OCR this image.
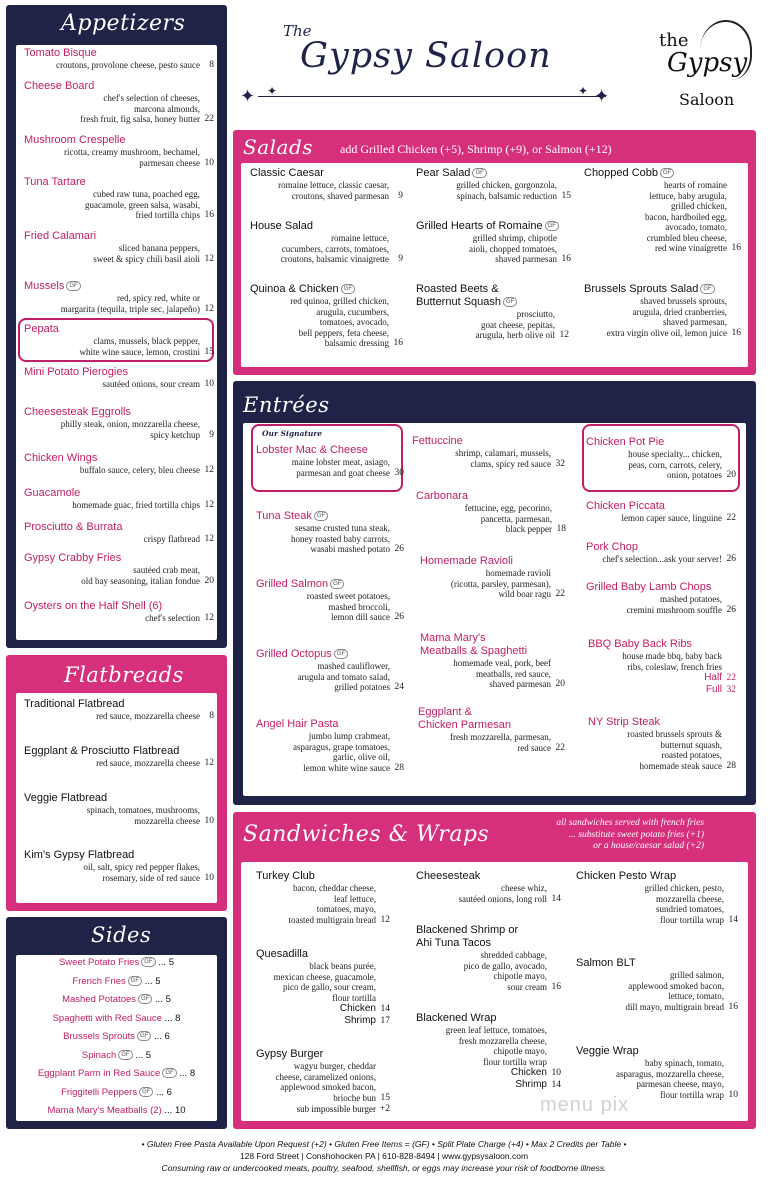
The
Gypsy Saloon
✦ ✦	✦
✦
the
Gypsy
Saloon
Appetizers
Flatbreads
Sides
Sweet Potato Fries GF ... 5
French Fries GF ... 5
Mashed Potatoes GF ... 5
Spaghetti with Red Sauce ... 8
Brussels Sprouts GF ... 6
Spinach GF ... 5
Eggplant Parm in Red Sauce GF ... 8
Friggitelli Peppers GF ... 6
Mama Mary's Meatballs (2) ... 10
Salads add Grilled Chicken (+5), Shrimp (+9), or Salmon (+12)
Entrées
Our Signature
Sandwiches & Wraps	all sandwiches served with french fries
... substitute sweet potato fries (+1)
or a house/caesar salad (+2)
menu pix
• Gluten Free Pasta Available Upon Request (+2) • Gluten Free Items = (GF) • Split Plate Charge (+4) • Max 2 Credits per Table •
128 Ford Street | Conshohocken PA | 610-828-8494 | www.gypsysaloon.com
Consuming raw or undercooked meats, poultry, seafood, shellfish, or eggs may increase your risk of foodborne illness.
Tomato Bisque
croutons, provolone cheese, pesto sauce 8
Cheese Board
chef's selection of cheeses,
marcona almonds,
fresh fruit, fig salsa, honey butter 22
Mushroom Crespelle
ricotta, creamy mushroom, bechamel,
parmesan cheese 10
Tuna Tartare
cubed raw tuna, poached egg,
guacamole, green salsa, wasabi,
fried tortilla chips 16
Fried Calamari
sliced banana peppers,
sweet & spicy chili basil aioli 12
Mussels GF
red, spicy red, white or
margarita (tequila, triple sec, jalapeño) 12
Pepata
clams, mussels, black pepper,
white wine sauce, lemon, crostini 15
Mini Potato Pierogies
sautéed onions, sour cream 10
Cheesesteak Eggrolls
philly steak, onion, mozzarella cheese,
spicy ketchup 9
Chicken Wings
buffalo sauce, celery, bleu cheese 12
Guacamole
homemade guac, fried tortilla chips 12
Prosciutto & Burrata
crispy flatbread 12
Gypsy Crabby Fries
sautéed crab meat,
old bay seasoning, italian fondue 20
Oysters on the Half Shell (6)
chef's selection 12
Traditional Flatbread
red sauce, mozzarella cheese 8
Eggplant & Prosciutto Flatbread
red sauce, mozzarella cheese 12
Veggie Flatbread
spinach, tomatoes, mushrooms,
mozzarella cheese 10
Kim's Gypsy Flatbread
oil, salt, spicy red pepper flakes,
rosemary, side of red sauce 10
Classic Caesar
romaine lettuce, classic caesar,
croutons, shaved parmesan 9
Pear Salad GF
grilled chicken, gorgonzola,
spinach, balsamic reduction 15
Chopped Cobb GF
hearts of romaine
lettuce, baby arugula,
grilled chicken,
bacon, hardboiled egg,
avocado, tomato,
crumbled bleu cheese,
red wine vinaigrette 16
House Salad
romaine lettuce,
cucumbers, carrots, tomatoes,
croutons, balsamic vinaigrette 9
Grilled Hearts of Romaine GF
grilled shrimp, chipotle
aioli, chopped tomatoes,
shaved parmesan 16
Quinoa & Chicken GF
red quinoa, grilled chicken,
arugula, cucumbers,
tomatoes, avocado,
bell peppers, feta cheese,
balsamic dressing 16
Roasted Beets &
Butternut Squash GF
prosciutto,
goat cheese, pepitas,
arugula, herb olive oil 12
Brussels Sprouts Salad GF
shaved brussels sprouts,
arugula, dried cranberries,
shaved parmesan,
extra virgin olive oil, lemon juice 16
Lobster Mac & Cheese
maine lobster meat, asiago,
parmesan and goat cheese 30
Fettuccine
shrimp, calamari, mussels,
clams, spicy red sauce 32
Chicken Pot Pie
house specialty... chicken,
peas, corn, carrots, celery,
onion, potatoes 20
Carbonara
fettucine, egg, pecorino,
pancetta, parmesan,
black pepper 18
Chicken Piccata
lemon caper sauce, linguine 22
Tuna Steak GF
sesame crusted tuna steak,
honey roasted baby carrots,
wasabi mashed potato 26	Pork Chop
chef's selection...ask your server! 26
Homemade Ravioli
homemade ravioli
(ricotta, parsley, parmesan),
wild boar ragu 22
Grilled Baby Lamb Chops
mashed potatoes,
cremini mushroom souffle 26
Grilled Salmon GF
roasted sweet potatoes,
mashed broccoli,
lemon dill sauce 26
Mama Mary's
Meatballs & Spaghetti
homemade veal, pork, beef
meatballs, red sauce,
shaved parmesan 20
BBQ Baby Back Ribs
house made bbq, baby back
ribs, coleslaw, french fries
Half 22
Full 32
Grilled Octopus GF
mashed cauliflower,
arugula and tomato salad,
grilled potatoes 24
Eggplant &
Chicken Parmesan
fresh mozzarella, parmesan,
red sauce 22
Angel Hair Pasta
jumbo lump crabmeat,
asparagus, grape tomatoes,
garlic, olive oil,
lemon white wine sauce 28
NY Strip Steak
roasted brussels sprouts &
butternut squash,
roasted potatoes,
homemade steak sauce 28
Turkey Club
bacon, cheddar cheese,
leaf lettuce,
tomatoes, mayo,
toasted multigrain bread 12
Cheesesteak
cheese whiz,
sautéed onions, long roll 14
Chicken Pesto Wrap
grilled chicken, pesto,
mozzarella cheese,
sundried tomatoes,
flour tortilla wrap 14
Blackened Shrimp or
Ahi Tuna Tacos
shredded cabbage,
pico de gallo, avocado,
chipotle mayo,
sour cream 16
Quesadilla
black beans purée,
mexican cheese, guacamole,
pico de gallo, sour cream,
flour tortilla
Chicken 14
Shrimp 17
Salmon BLT
grilled salmon,
applewood smoked bacon,
lettuce, tomato,
dill mayo, multigrain bread 16
Blackened Wrap
green leaf lettuce, tomatoes,
fresh mozzarella cheese,
chipotle mayo,
flour tortilla wrap
Chicken 10
Shrimp 14
Gypsy Burger
wagyu burger, cheddar
cheese, caramelized onions,
applewood smoked bacon,
brioche bun 15
sub impossible burger +2
Veggie Wrap
baby spinach, tomato,
asparagus, mozzarella cheese,
parmesan cheese, mayo,
flour tortilla wrap 10
